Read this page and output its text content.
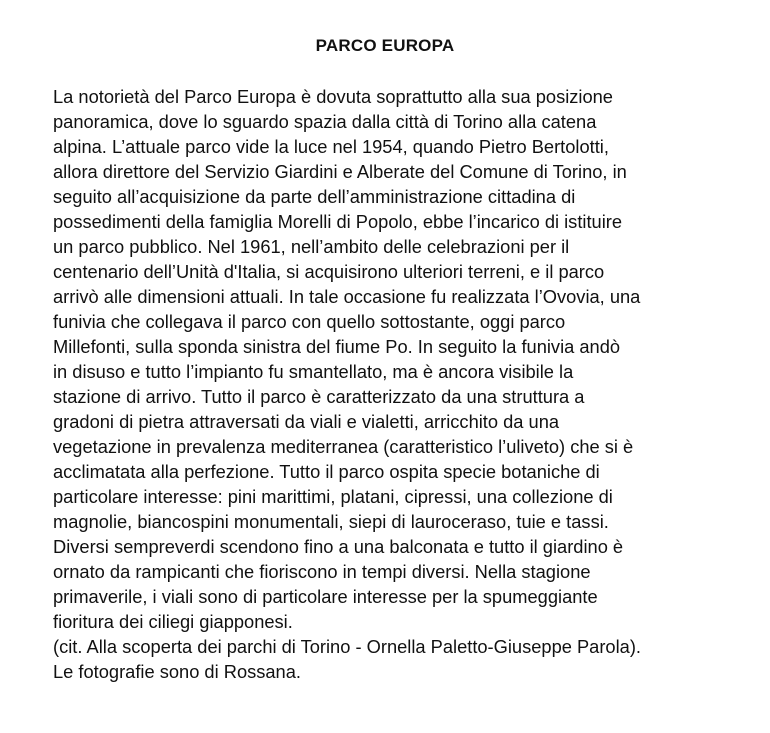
PARCO EUROPA
La notorietà del Parco Europa è dovuta soprattutto alla sua posizione
panoramica, dove lo sguardo spazia dalla città di Torino alla catena
alpina. L’attuale parco vide la luce nel 1954, quando Pietro Bertolotti,
allora direttore del Servizio Giardini e Alberate del Comune di Torino, in
seguito all’acquisizione da parte dell’amministrazione cittadina di
possedimenti della famiglia Morelli di Popolo, ebbe l’incarico di istituire
un parco pubblico. Nel 1961, nell’ambito delle celebrazioni per il
centenario dell’Unità d'Italia, si acquisirono ulteriori terreni, e il parco
arrivò alle dimensioni attuali. In tale occasione fu realizzata l’Ovovia, una
funivia che collegava il parco con quello sottostante, oggi parco
Millefonti, sulla sponda sinistra del fiume Po. In seguito la funivia andò
in disuso e tutto l’impianto fu smantellato, ma è ancora visibile la
stazione di arrivo. Tutto il parco è caratterizzato da una struttura a
gradoni di pietra attraversati da viali e vialetti, arricchito da una
vegetazione in prevalenza mediterranea (caratteristico l’uliveto) che si è
acclimatata alla perfezione. Tutto il parco ospita specie botaniche di
particolare interesse: pini marittimi, platani, cipressi, una collezione di
magnolie, biancospini monumentali, siepi di lauroceraso, tuie e tassi.
Diversi sempreverdi scendono fino a una balconata e tutto il giardino è
ornato da rampicanti che fioriscono in tempi diversi. Nella stagione
primaverile, i viali sono di particolare interesse per la spumeggiante
fioritura dei ciliegi giapponesi.
(cit. Alla scoperta dei parchi di Torino - Ornella Paletto-Giuseppe Parola).
Le fotografie sono di Rossana.
